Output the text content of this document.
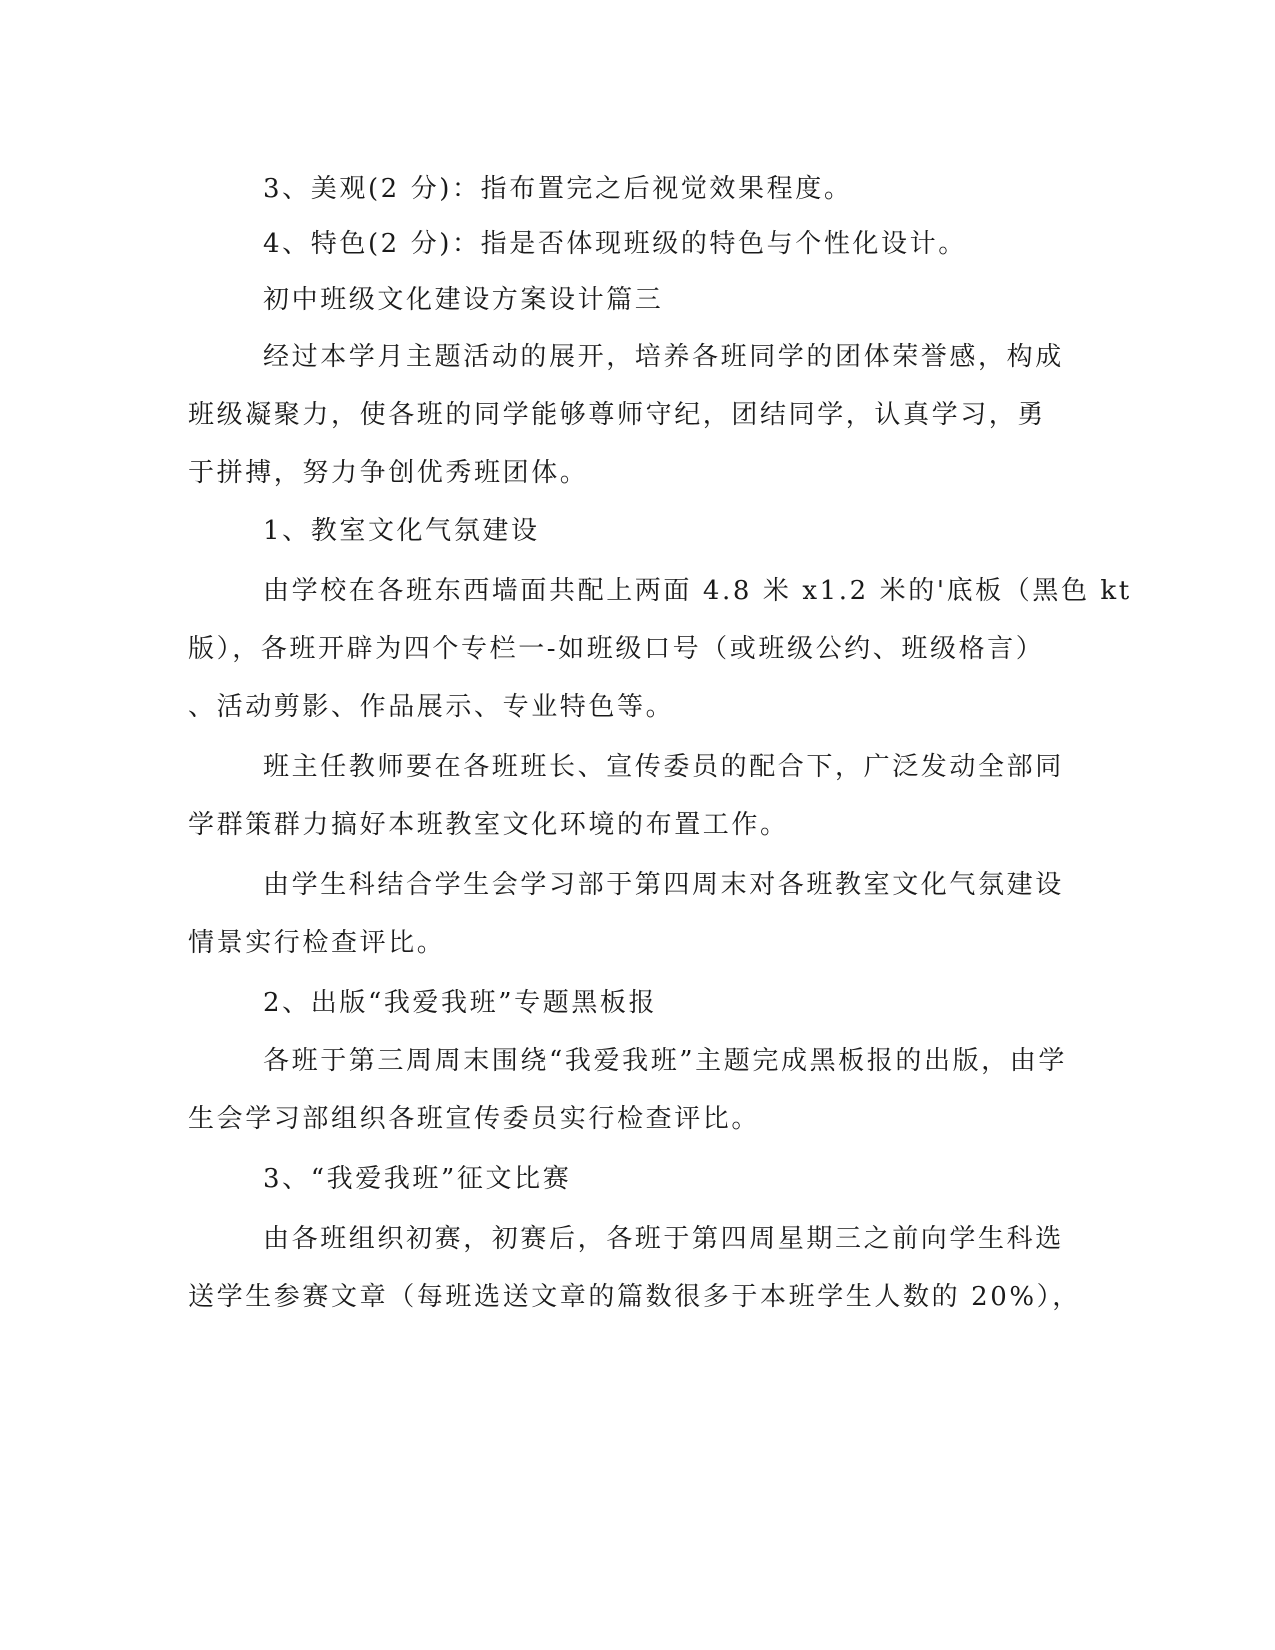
3、美观(2 分)：指布置完之后视觉效果程度。
4、特色(2 分)：指是否体现班级的特色与个性化设计。
初中班级文化建设方案设计篇三
经过本学月主题活动的展开，培养各班同学的团体荣誉感，构成
班级凝聚力，使各班的同学能够尊师守纪，团结同学，认真学习，勇
于拼搏，努力争创优秀班团体。
1、教室文化气氛建设
由学校在各班东西墙面共配上两面 4.8 米 x1.2 米的'底板（黑色 kt
版），各班开辟为四个专栏一-如班级口号（或班级公约、班级格言）
、活动剪影、作品展示、专业特色等。
班主任教师要在各班班长、宣传委员的配合下，广泛发动全部同
学群策群力搞好本班教室文化环境的布置工作。
由学生科结合学生会学习部于第四周末对各班教室文化气氛建设
情景实行检查评比。
2、出版“我爱我班”专题黑板报
各班于第三周周末围绕“我爱我班”主题完成黑板报的出版，由学
生会学习部组织各班宣传委员实行检查评比。
3、“我爱我班”征文比赛
由各班组织初赛，初赛后，各班于第四周星期三之前向学生科选
送学生参赛文章（每班选送文章的篇数很多于本班学生人数的 20%），
